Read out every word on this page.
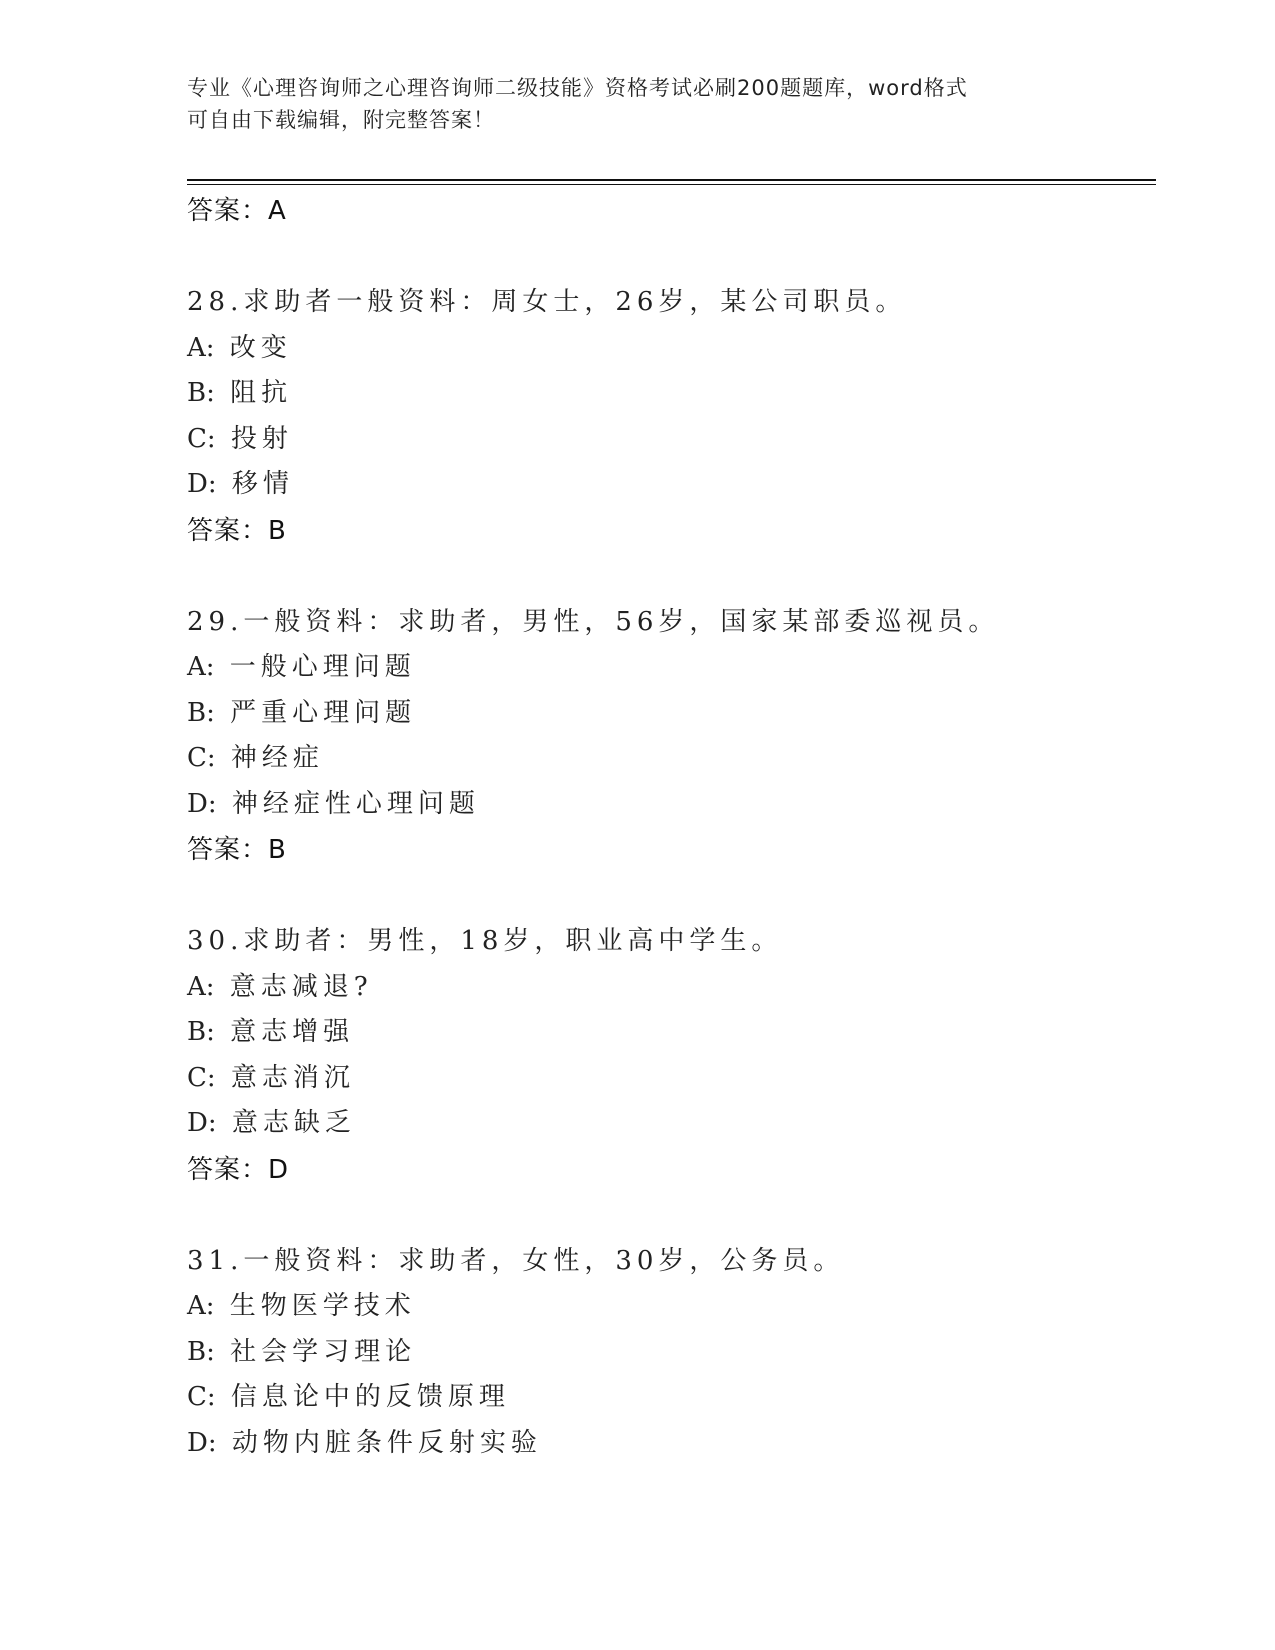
专业《心理咨询师之心理咨询师二级技能》资格考试必刷200题题库，word格式
可自由下载编辑，附完整答案！
答案：A
28.求助者一般资料：周女士，26岁，某公司职员。
A: 改变
B: 阻抗
C: 投射
D: 移情
答案：B
29.一般资料：求助者，男性，56岁，国家某部委巡视员。
A: 一般心理问题
B: 严重心理问题
C: 神经症
D: 神经症性心理问题
答案：B
30.求助者：男性，18岁，职业高中学生。
A: 意志减退?
B: 意志增强
C: 意志消沉
D: 意志缺乏
答案：D
31.一般资料：求助者，女性，30岁，公务员。
A: 生物医学技术
B: 社会学习理论
C: 信息论中的反馈原理
D: 动物内脏条件反射实验
